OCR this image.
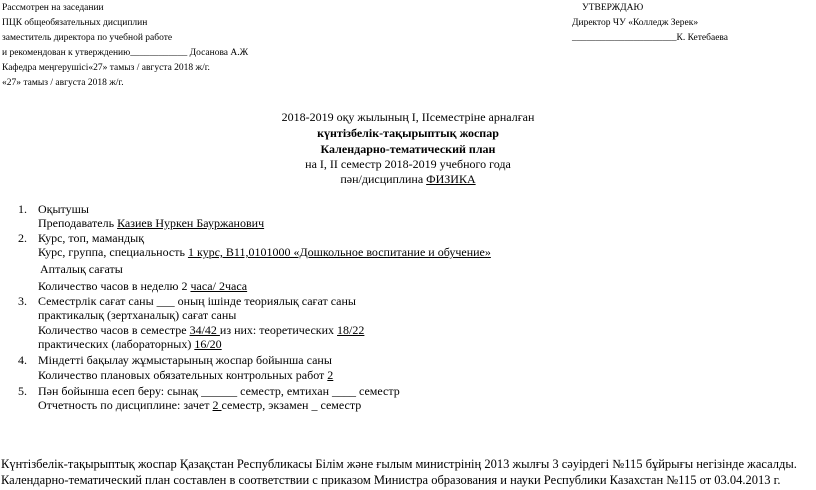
Рассмотрен на заседании
ПЦК общеобязательных дисциплин
заместитель директора по учебной работе
и рекомендован к утверждению____________ Досанова А.Ж
Кафедра меңгерушісі«27» тамыз / августа 2018 ж/г.
«27» тамыз / августа 2018 ж/г.
УТВЕРЖДАЮ
Директор ЧУ «Колледж Зерек»
______________________К. Кетебаева
2018-2019 оқу жылының І, ІІсеместріне арналған
күнтізбелік-тақырыптық жоспар
Календарно-тематический план
на І, ІІ семестр 2018-2019 учебного года
пән/дисциплина ФИЗИКА
1. Оқытушы
Преподаватель Казиев Нуркен Бауржанович
2. Курс, топ, мамандық
Курс, группа, специальность 1 курс, В11,0101000 «Дошкольное воспитание и обучение»
Апталық сағаты
Количество часов в неделю 2 часа/ 2часа
3. Семестрлік сағат саны ___ оның ішінде теориялық сағат саны
практикалық (зертханалық) сағат саны
Количество часов в семестре 34/42 из них: теоретических 18/22
практических (лабораторных) 16/20
4. Міндетті бақылау жұмыстарының жоспар бойынша саны
Количество плановых обязательных контрольных работ 2
5. Пән бойынша есеп беру: сынақ ______ семестр, емтихан ____ семестр
Отчетность по дисциплине: зачет 2 семестр, экзамен _ семестр
Күнтізбелік-тақырыптық жоспар Қазақстан Республикасы Білім және ғылым министрінің 2013 жылғы 3 сәуірдегі №115 бұйрығы негізінде жасалды.
Календарно-тематический план составлен в соответствии с приказом Министра образования и науки Республики Казахстан №115 от 03.04.2013 г.
